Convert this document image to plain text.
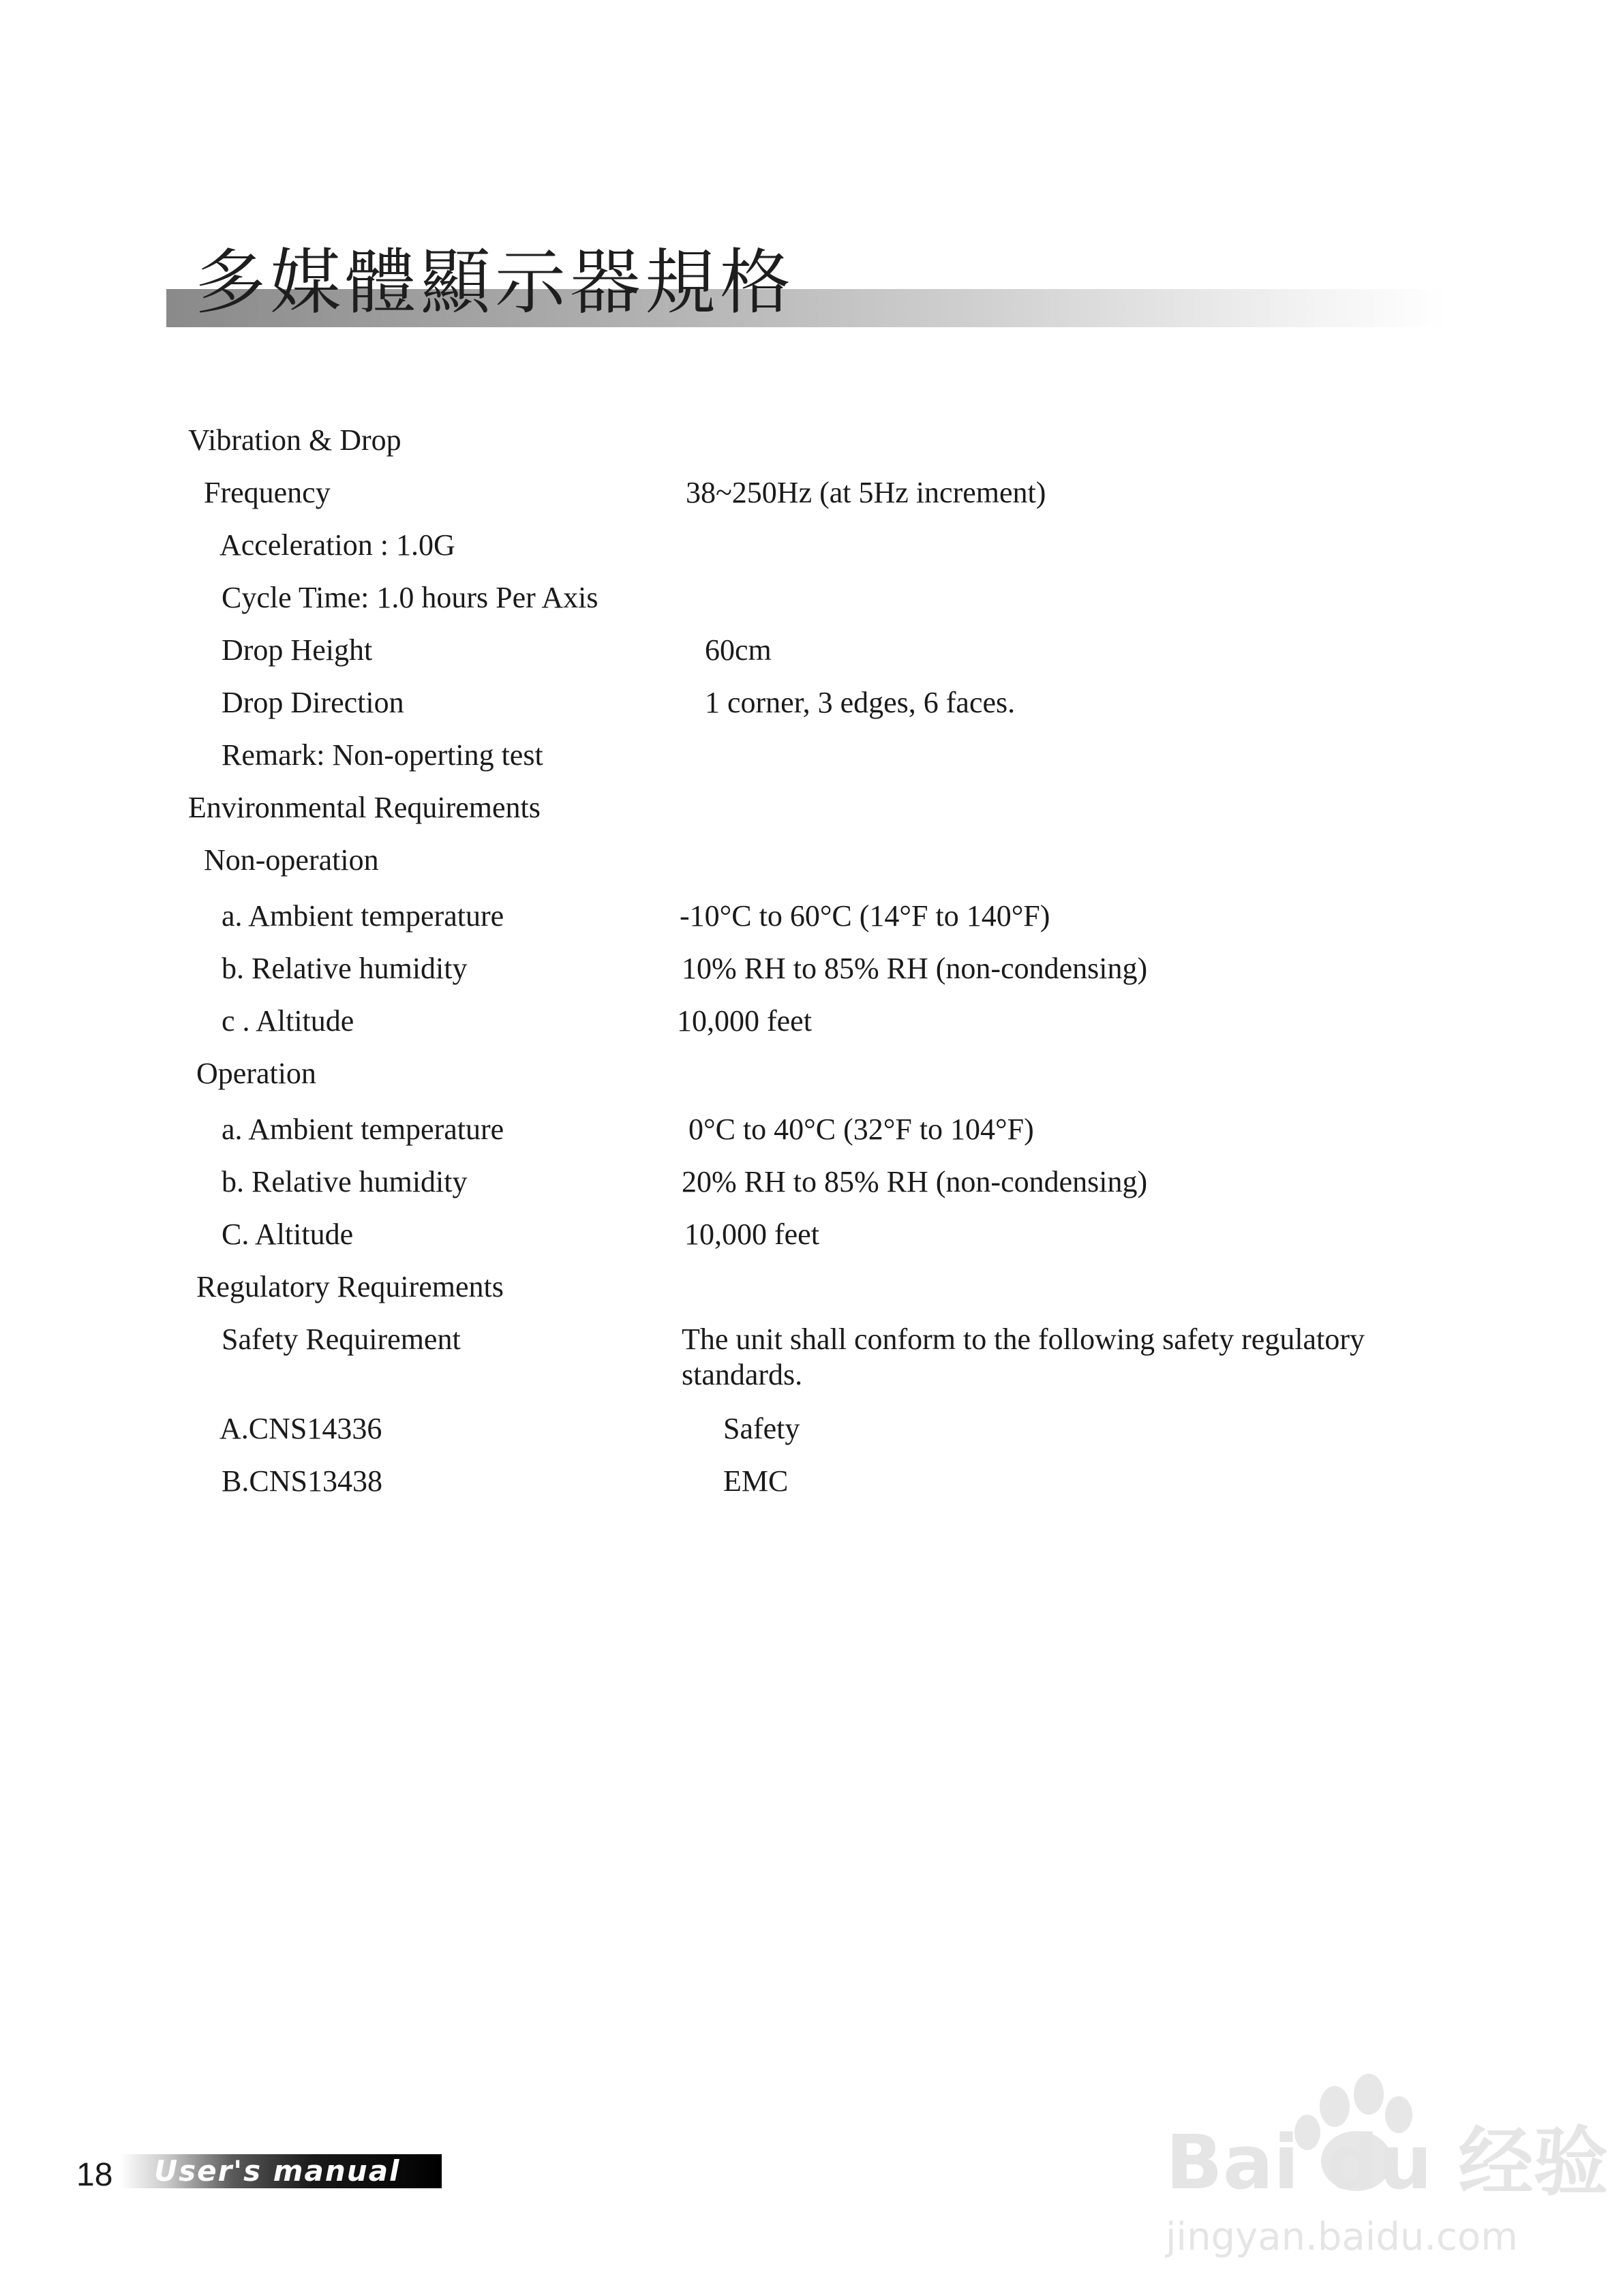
多媒體顯示器規格
Vibration & Drop
Frequency	38~250Hz (at 5Hz increment)
Acceleration : 1.0G
Cycle Time: 1.0 hours Per Axis
Drop Height	60cm
Drop Direction	1 corner, 3 edges, 6 faces.
Remark: Non-operting test
Environmental Requirements
Non-operation
a. Ambient temperature	-10°C to 60°C (14°F to 140°F)
b. Relative humidity	10% RH to 85% RH (non-condensing)
c . Altitude	10,000 feet
Operation
a. Ambient temperature	0°C to 40°C (32°F to 104°F)
b. Relative humidity	20% RH to 85% RH (non-condensing)
C. Altitude	10,000 feet
Regulatory Requirements
Safety Requirement	The unit shall conform to the following safety regulatory standards.
A.CNS14336	Safety
B.CNS13438	EMC
18 User's manual	Bai du 经验
jingyan.baidu.com
